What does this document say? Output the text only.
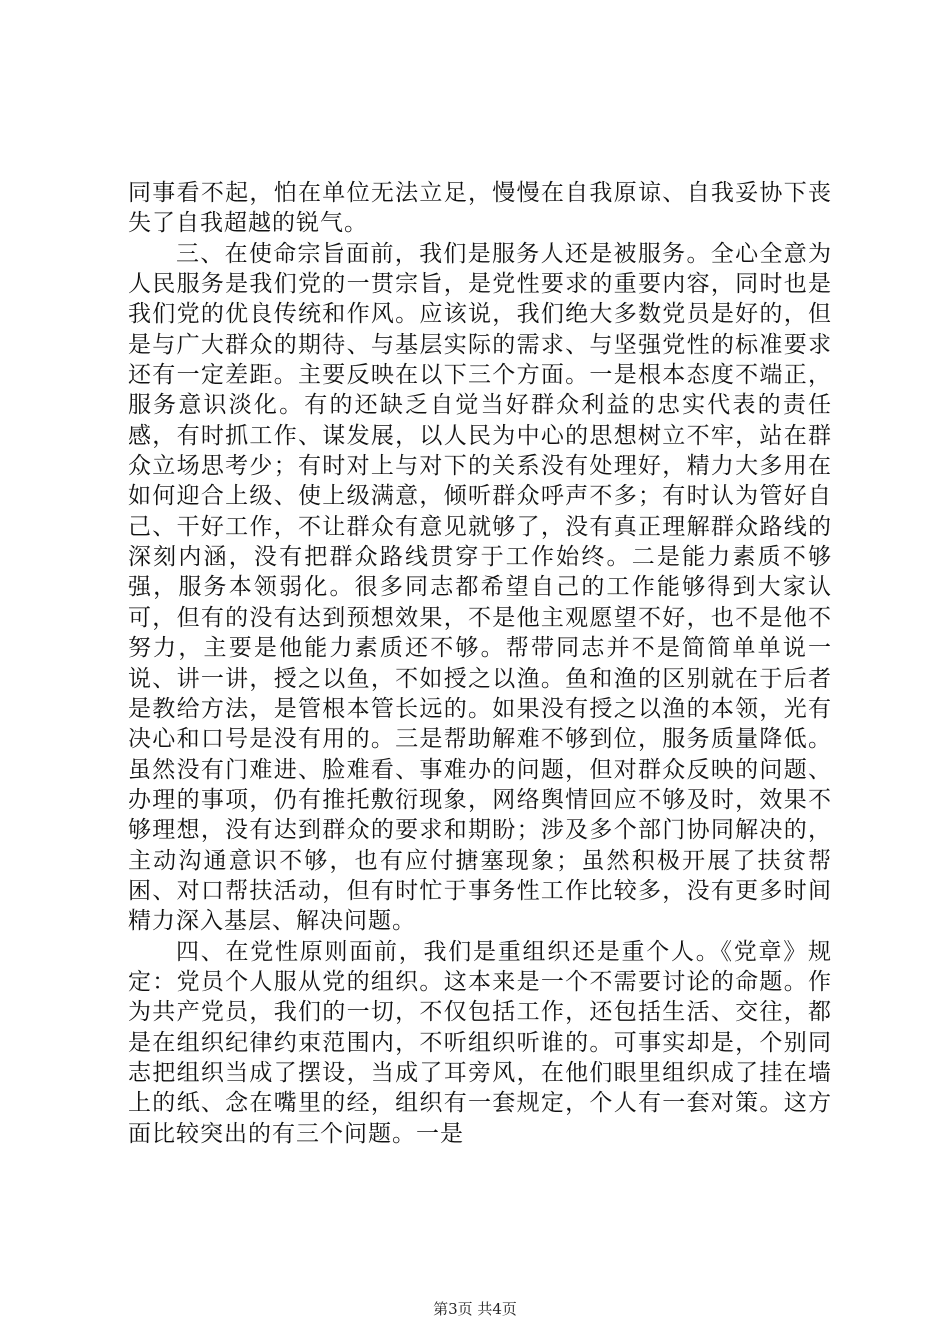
同事看不起，怕在单位无法立足，慢慢在自我原谅、自我妥协下丧失了自我超越的锐气。

三、在使命宗旨面前，我们是服务人还是被服务。全心全意为人民服务是我们党的一贯宗旨，是党性要求的重要内容，同时也是我们党的优良传统和作风。应该说，我们绝大多数党员是好的，但是与广大群众的期待、与基层实际的需求、与坚强党性的标准要求还有一定差距。主要反映在以下三个方面。一是根本态度不端正，服务意识淡化。有的还缺乏自觉当好群众利益的忠实代表的责任感，有时抓工作、谋发展，以人民为中心的思想树立不牢，站在群众立场思考少；有时对上与对下的关系没有处理好，精力大多用在如何迎合上级、使上级满意，倾听群众呼声不多；有时认为管好自己、干好工作，不让群众有意见就够了，没有真正理解群众路线的深刻内涵，没有把群众路线贯穿于工作始终。二是能力素质不够强，服务本领弱化。很多同志都希望自己的工作能够得到大家认可，但有的没有达到预想效果，不是他主观愿望不好，也不是他不努力，主要是他能力素质还不够。帮带同志并不是简简单单说一说、讲一讲，授之以鱼，不如授之以渔。鱼和渔的区别就在于后者是教给方法，是管根本管长远的。如果没有授之以渔的本领，光有决心和口号是没有用的。三是帮助解难不够到位，服务质量降低。虽然没有门难进、脸难看、事难办的问题，但对群众反映的问题、办理的事项，仍有推托敷衍现象，网络舆情回应不够及时，效果不够理想，没有达到群众的要求和期盼；涉及多个部门协同解决的，主动沟通意识不够，也有应付搪塞现象；虽然积极开展了扶贫帮困、对口帮扶活动，但有时忙于事务性工作比较多，没有更多时间精力深入基层、解决问题。

四、在党性原则面前，我们是重组织还是重个人。《党章》规定：党员个人服从党的组织。这本来是一个不需要讨论的命题。作为共产党员，我们的一切，不仅包括工作，还包括生活、交往，都是在组织纪律约束范围内，不听组织听谁的。可事实却是，个别同志把组织当成了摆设，当成了耳旁风，在他们眼里组织成了挂在墙上的纸、念在嘴里的经，组织有一套规定，个人有一套对策。这方面比较突出的有三个问题。一是

第3页 共4页
